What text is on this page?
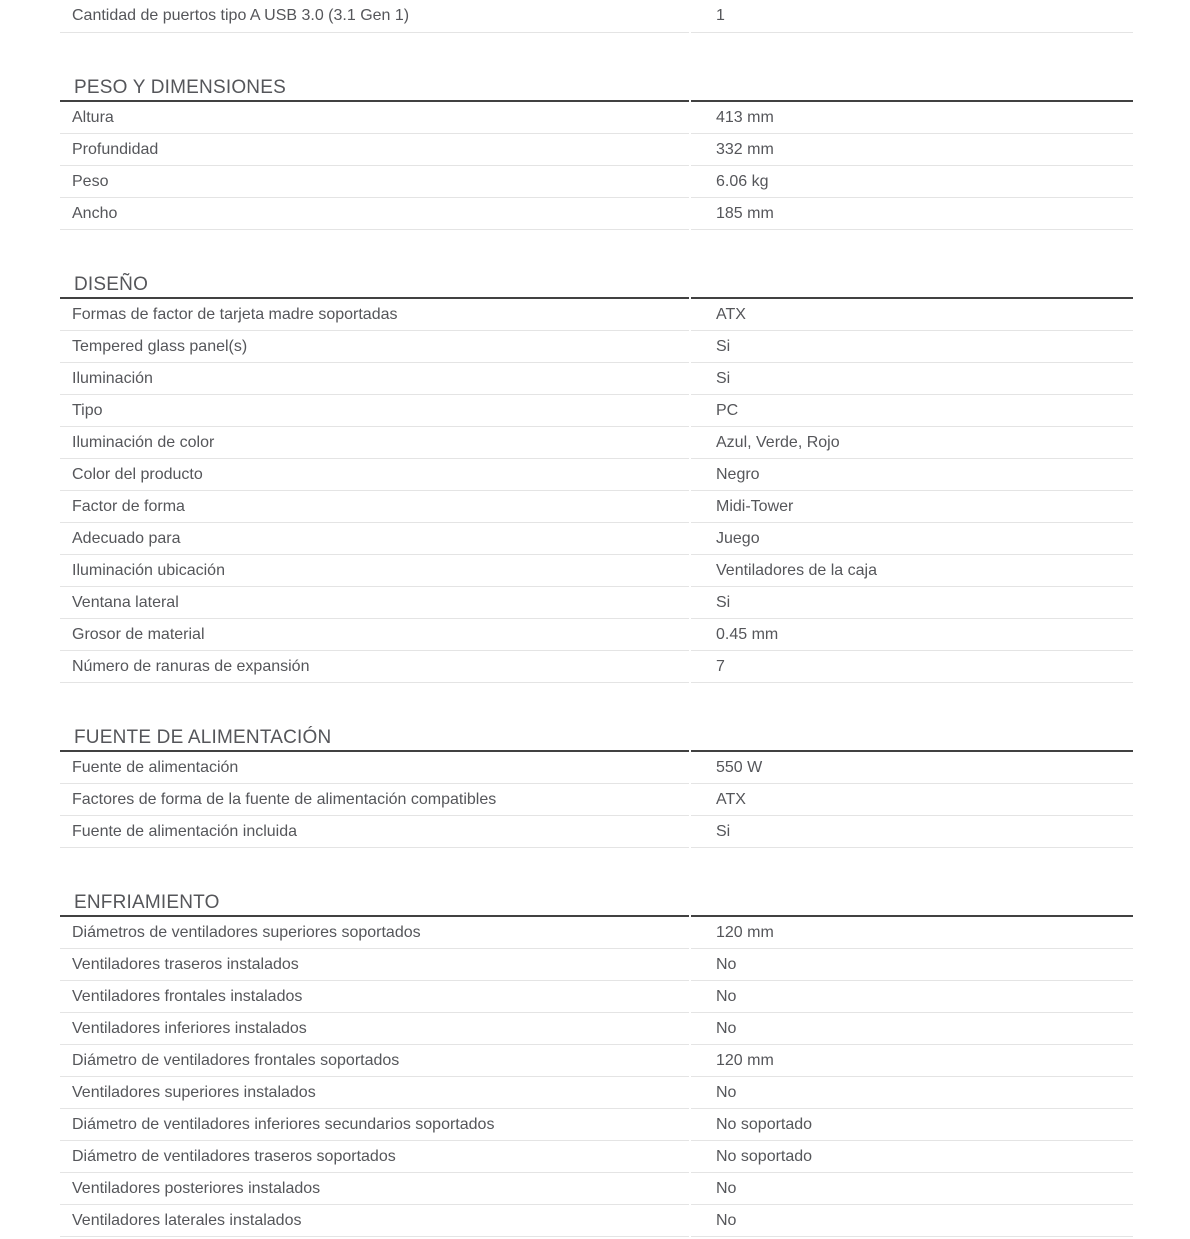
Cantidad de puertos tipo A USB 3.0 (3.1 Gen 1)	1
PESO Y DIMENSIONES
Altura	413 mm
Profundidad	332 mm
Peso	6.06 kg
Ancho	185 mm
DISEÑO
Formas de factor de tarjeta madre soportadas	ATX
Tempered glass panel(s)	Si
Iluminación	Si
Tipo	PC
Iluminación de color	Azul, Verde, Rojo
Color del producto	Negro
Factor de forma	Midi-Tower
Adecuado para	Juego
Iluminación ubicación	Ventiladores de la caja
Ventana lateral	Si
Grosor de material	0.45 mm
Número de ranuras de expansión	7
FUENTE DE ALIMENTACIÓN
Fuente de alimentación	550 W
Factores de forma de la fuente de alimentación compatibles	ATX
Fuente de alimentación incluida	Si
ENFRIAMIENTO
Diámetros de ventiladores superiores soportados	120 mm
Ventiladores traseros instalados	No
Ventiladores frontales instalados	No
Ventiladores inferiores instalados	No
Diámetro de ventiladores frontales soportados	120 mm
Ventiladores superiores instalados	No
Diámetro de ventiladores inferiores secundarios soportados	No soportado
Diámetro de ventiladores traseros soportados	No soportado
Ventiladores posteriores instalados	No
Ventiladores laterales instalados	No
